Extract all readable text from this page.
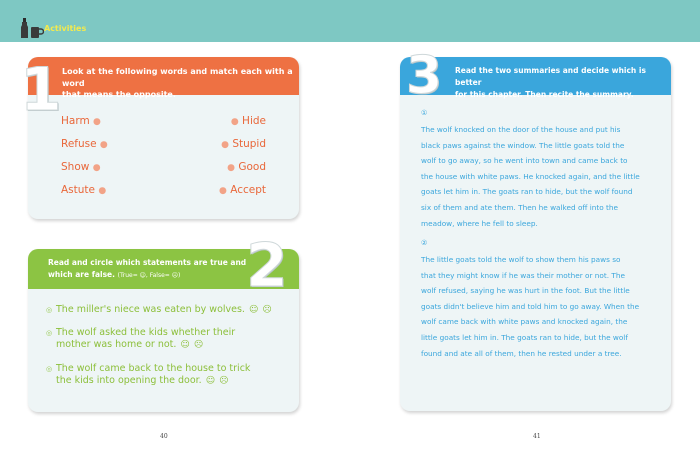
Activities
Look at the following words and match each with a word
that means the opposite.
Harm ●	● Hide
Refuse ●	● Stupid
Show ●	● Good
Astute ●	● Accept
1
Read and circle which statements are true and
which are false. (True= ☺, False= ☹)
◎ The miller's niece was eaten by wolves. ☺ ☹
◎ The wolf asked the kids whether their
mother was home or not. ☺ ☹
◎ The wolf came back to the house to trick
the kids into opening the door. ☺ ☹
2
Read the two summaries and decide which is better
for this chapter. Then recite the summary.
①
The wolf knocked on the door of the house and put his
black paws against the window. The little goats told the
wolf to go away, so he went into town and came back to
the house with white paws. He knocked again, and the little
goats let him in. The goats ran to hide, but the wolf found
six of them and ate them. Then he walked off into the
meadow, where he fell to sleep.
②
The little goats told the wolf to show them his paws so
that they might know if he was their mother or not. The
wolf refused, saying he was hurt in the foot. But the little
goats didn't believe him and told him to go away. When the
wolf came back with white paws and knocked again, the
little goats let him in. The goats ran to hide, but the wolf
found and ate all of them, then he rested under a tree.
3
40	41
